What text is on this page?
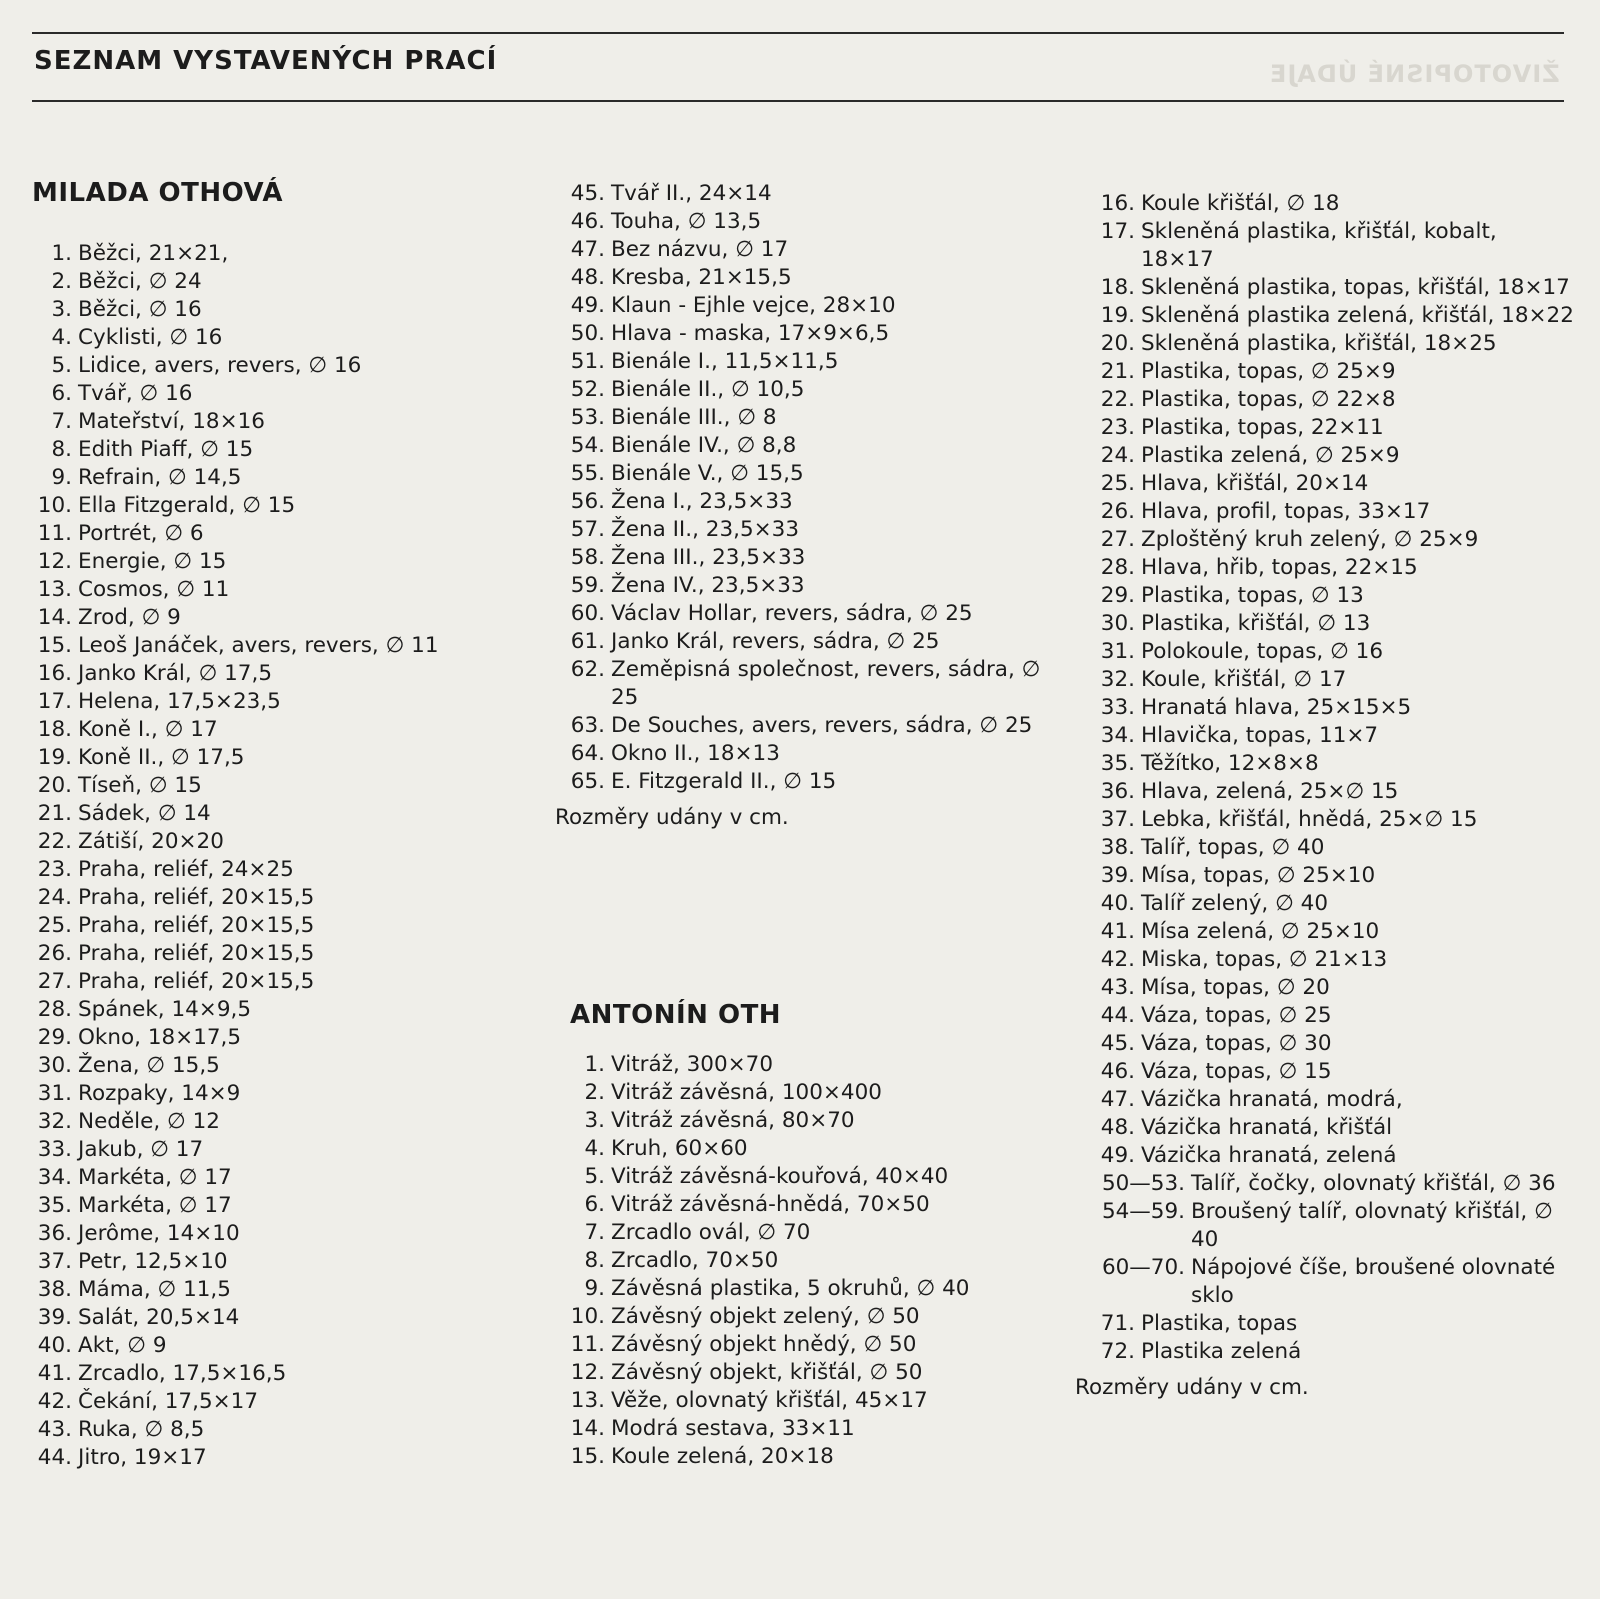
SEZNAM VYSTAVENÝCH PRACÍ	ŽIVOTOPISNÉ ÚDAJE
MILADA OTHOVÁ
1. Běžci, 21×21,
2. Běžci, ∅ 24
3. Běžci, ∅ 16
4. Cyklisti, ∅ 16
5. Lidice, avers, revers, ∅ 16
6. Tvář, ∅ 16
7. Mateřství, 18×16
8. Edith Piaff, ∅ 15
9. Refrain, ∅ 14,5
10. Ella Fitzgerald, ∅ 15
11. Portrét, ∅ 6
12. Energie, ∅ 15
13. Cosmos, ∅ 11
14. Zrod, ∅ 9
15. Leoš Janáček, avers, revers, ∅ 11
16. Janko Král, ∅ 17,5
17. Helena, 17,5×23,5
18. Koně I., ∅ 17
19. Koně II., ∅ 17,5
20. Tíseň, ∅ 15
21. Sádek, ∅ 14
22. Zátiší, 20×20
23. Praha, reliéf, 24×25
24. Praha, reliéf, 20×15,5
25. Praha, reliéf, 20×15,5
26. Praha, reliéf, 20×15,5
27. Praha, reliéf, 20×15,5
28. Spánek, 14×9,5
29. Okno, 18×17,5
30. Žena, ∅ 15,5
31. Rozpaky, 14×9
32. Neděle, ∅ 12
33. Jakub, ∅ 17
34. Markéta, ∅ 17
35. Markéta, ∅ 17
36. Jerôme, 14×10
37. Petr, 12,5×10
38. Máma, ∅ 11,5
39. Salát, 20,5×14
40. Akt, ∅ 9
41. Zrcadlo, 17,5×16,5
42. Čekání, 17,5×17
43. Ruka, ∅ 8,5
44. Jitro, 19×17
45. Tvář II., 24×14
46. Touha, ∅ 13,5
47. Bez názvu, ∅ 17
48. Kresba, 21×15,5
49. Klaun - Ejhle vejce, 28×10
50. Hlava - maska, 17×9×6,5
51. Bienále I., 11,5×11,5
52. Bienále II., ∅ 10,5
53. Bienále III., ∅ 8
54. Bienále IV., ∅ 8,8
55. Bienále V., ∅ 15,5
56. Žena I., 23,5×33
57. Žena II., 23,5×33
58. Žena III., 23,5×33
59. Žena IV., 23,5×33
60. Václav Hollar, revers, sádra, ∅ 25
61. Janko Král, revers, sádra, ∅ 25
62. Zeměpisná společnost, revers, sádra, ∅ 25
63. De Souches, avers, revers, sádra, ∅ 25
64. Okno II., 18×13
65. E. Fitzgerald II., ∅ 15
Rozměry udány v cm.
ANTONÍN OTH
1. Vitráž, 300×70
2. Vitráž závěsná, 100×400
3. Vitráž závěsná, 80×70
4. Kruh, 60×60
5. Vitráž závěsná-kouřová, 40×40
6. Vitráž závěsná-hnědá, 70×50
7. Zrcadlo ovál, ∅ 70
8. Zrcadlo, 70×50
9. Závěsná plastika, 5 okruhů, ∅ 40
10. Závěsný objekt zelený, ∅ 50
11. Závěsný objekt hnědý, ∅ 50
12. Závěsný objekt, křišťál, ∅ 50
13. Věže, olovnatý křišťál, 45×17
14. Modrá sestava, 33×11
15. Koule zelená, 20×18
16. Koule křišťál, ∅ 18
17. Skleněná plastika, křišťál, kobalt, 18×17
18. Skleněná plastika, topas, křišťál, 18×17
19. Skleněná plastika zelená, křišťál, 18×22
20. Skleněná plastika, křišťál, 18×25
21. Plastika, topas, ∅ 25×9
22. Plastika, topas, ∅ 22×8
23. Plastika, topas, 22×11
24. Plastika zelená, ∅ 25×9
25. Hlava, křišťál, 20×14
26. Hlava, profil, topas, 33×17
27. Zploštěný kruh zelený, ∅ 25×9
28. Hlava, hřib, topas, 22×15
29. Plastika, topas, ∅ 13
30. Plastika, křišťál, ∅ 13
31. Polokoule, topas, ∅ 16
32. Koule, křišťál, ∅ 17
33. Hranatá hlava, 25×15×5
34. Hlavička, topas, 11×7
35. Těžítko, 12×8×8
36. Hlava, zelená, 25×∅ 15
37. Lebka, křišťál, hnědá, 25×∅ 15
38. Talíř, topas, ∅ 40
39. Mísa, topas, ∅ 25×10
40. Talíř zelený, ∅ 40
41. Mísa zelená, ∅ 25×10
42. Miska, topas, ∅ 21×13
43. Mísa, topas, ∅ 20
44. Váza, topas, ∅ 25
45. Váza, topas, ∅ 30
46. Váza, topas, ∅ 15
47. Vázička hranatá, modrá,
48. Vázička hranatá, křišťál
49. Vázička hranatá, zelená
50—53. Talíř, čočky, olovnatý křišťál, ∅ 36
54—59. Broušený talíř, olovnatý křišťál, ∅ 40
60—70. Nápojové číše, broušené olovnaté sklo
71. Plastika, topas
72. Plastika zelená
Rozměry udány v cm.
